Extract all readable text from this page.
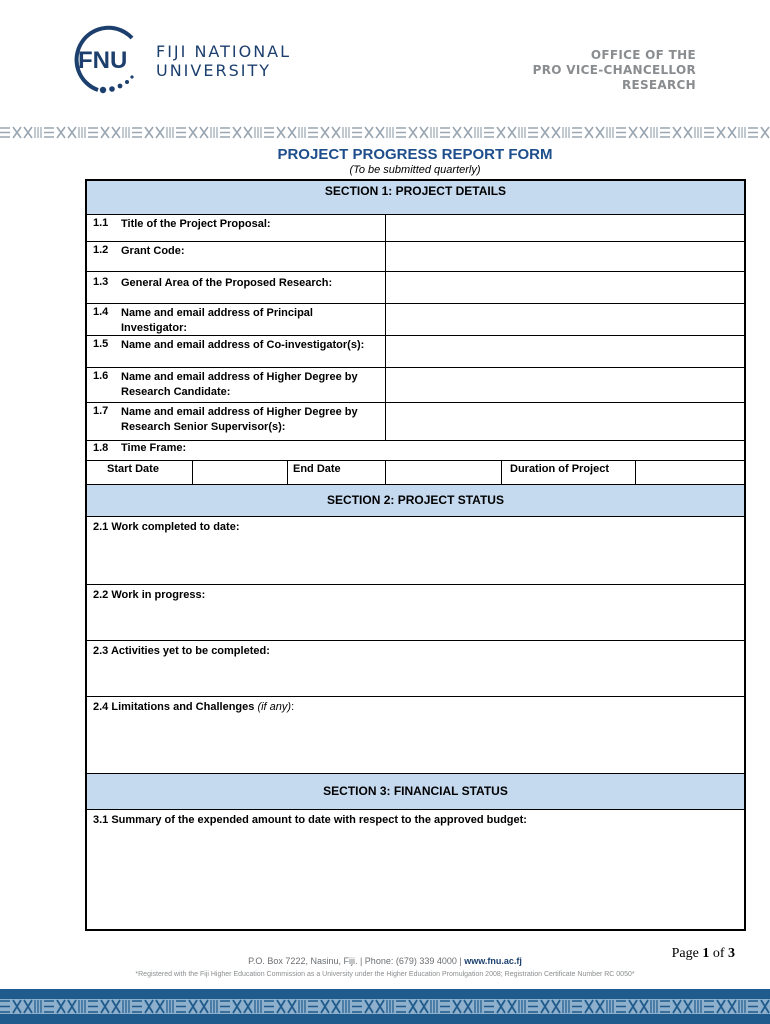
FNU FIJI NATIONAL
UNIVERSITY
OFFICE OF THE
PRO VICE-CHANCELLOR
RESEARCH
PROJECT PROGRESS REPORT FORM
(To be submitted quarterly)
SECTION 1: PROJECT DETAILS
1.1 Title of the Project Proposal:
1.2 Grant Code:
1.3 General Area of the Proposed Research:
1.4 Name and email address of Principal Investigator:
1.5 Name and email address of Co-investigator(s):
1.6 Name and email address of Higher Degree by Research Candidate:
1.7 Name and email address of Higher Degree by Research Senior Supervisor(s):
1.8 Time Frame:
Start Date	End Date	Duration of Project
SECTION 2: PROJECT STATUS
2.1 Work completed to date:
2.2 Work in progress:
2.3 Activities yet to be completed:
2.4 Limitations and Challenges (if any):
SECTION 3: FINANCIAL STATUS
3.1 Summary of the expended amount to date with respect to the approved budget:
Page 1 of 3
P.O. Box 7222, Nasinu, Fiji. | Phone: (679) 339 4000 | www.fnu.ac.fj
*Registered with the Fiji Higher Education Commission as a University under the Higher Education Promulgation 2008; Registration Certificate Number RC 0050*
